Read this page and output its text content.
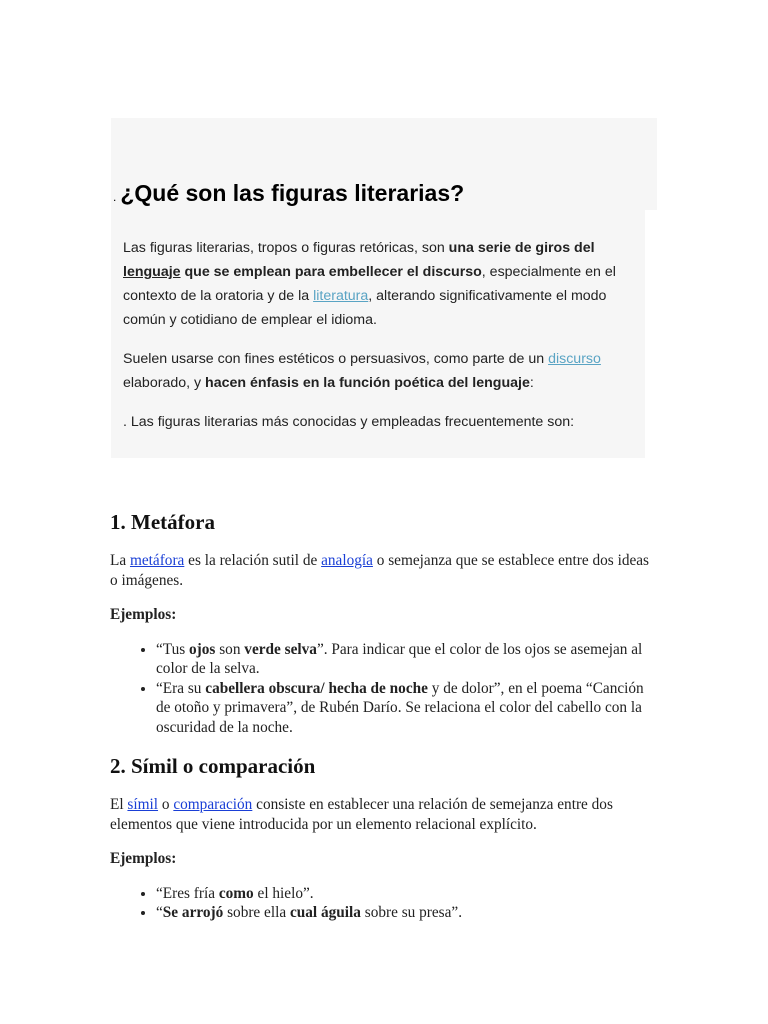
. ¿Qué son las figuras literarias?

Las figuras literarias, tropos o figuras retóricas, son una serie de giros del lenguaje que se emplean para embellecer el discurso, especialmente en el contexto de la oratoria y de la literatura, alterando significativamente el modo común y cotidiano de emplear el idioma.

Suelen usarse con fines estéticos o persuasivos, como parte de un discurso elaborado, y hacen énfasis en la función poética del lenguaje:

. Las figuras literarias más conocidas y empleadas frecuentemente son:

1. Metáfora

La metáfora es la relación sutil de analogía o semejanza que se establece entre dos ideas o imágenes.

Ejemplos:

• “Tus ojos son verde selva”. Para indicar que el color de los ojos se asemejan al color de la selva.
• “Era su cabellera obscura/ hecha de noche y de dolor”, en el poema “Canción de otoño y primavera”, de Rubén Darío. Se relaciona el color del cabello con la oscuridad de la noche.
2. Símil o comparación

El símil o comparación consiste en establecer una relación de semejanza entre dos elementos que viene introducida por un elemento relacional explícito.

Ejemplos:

• “Eres fría como el hielo”.
• “Se arrojó sobre ella cual águila sobre su presa”.
